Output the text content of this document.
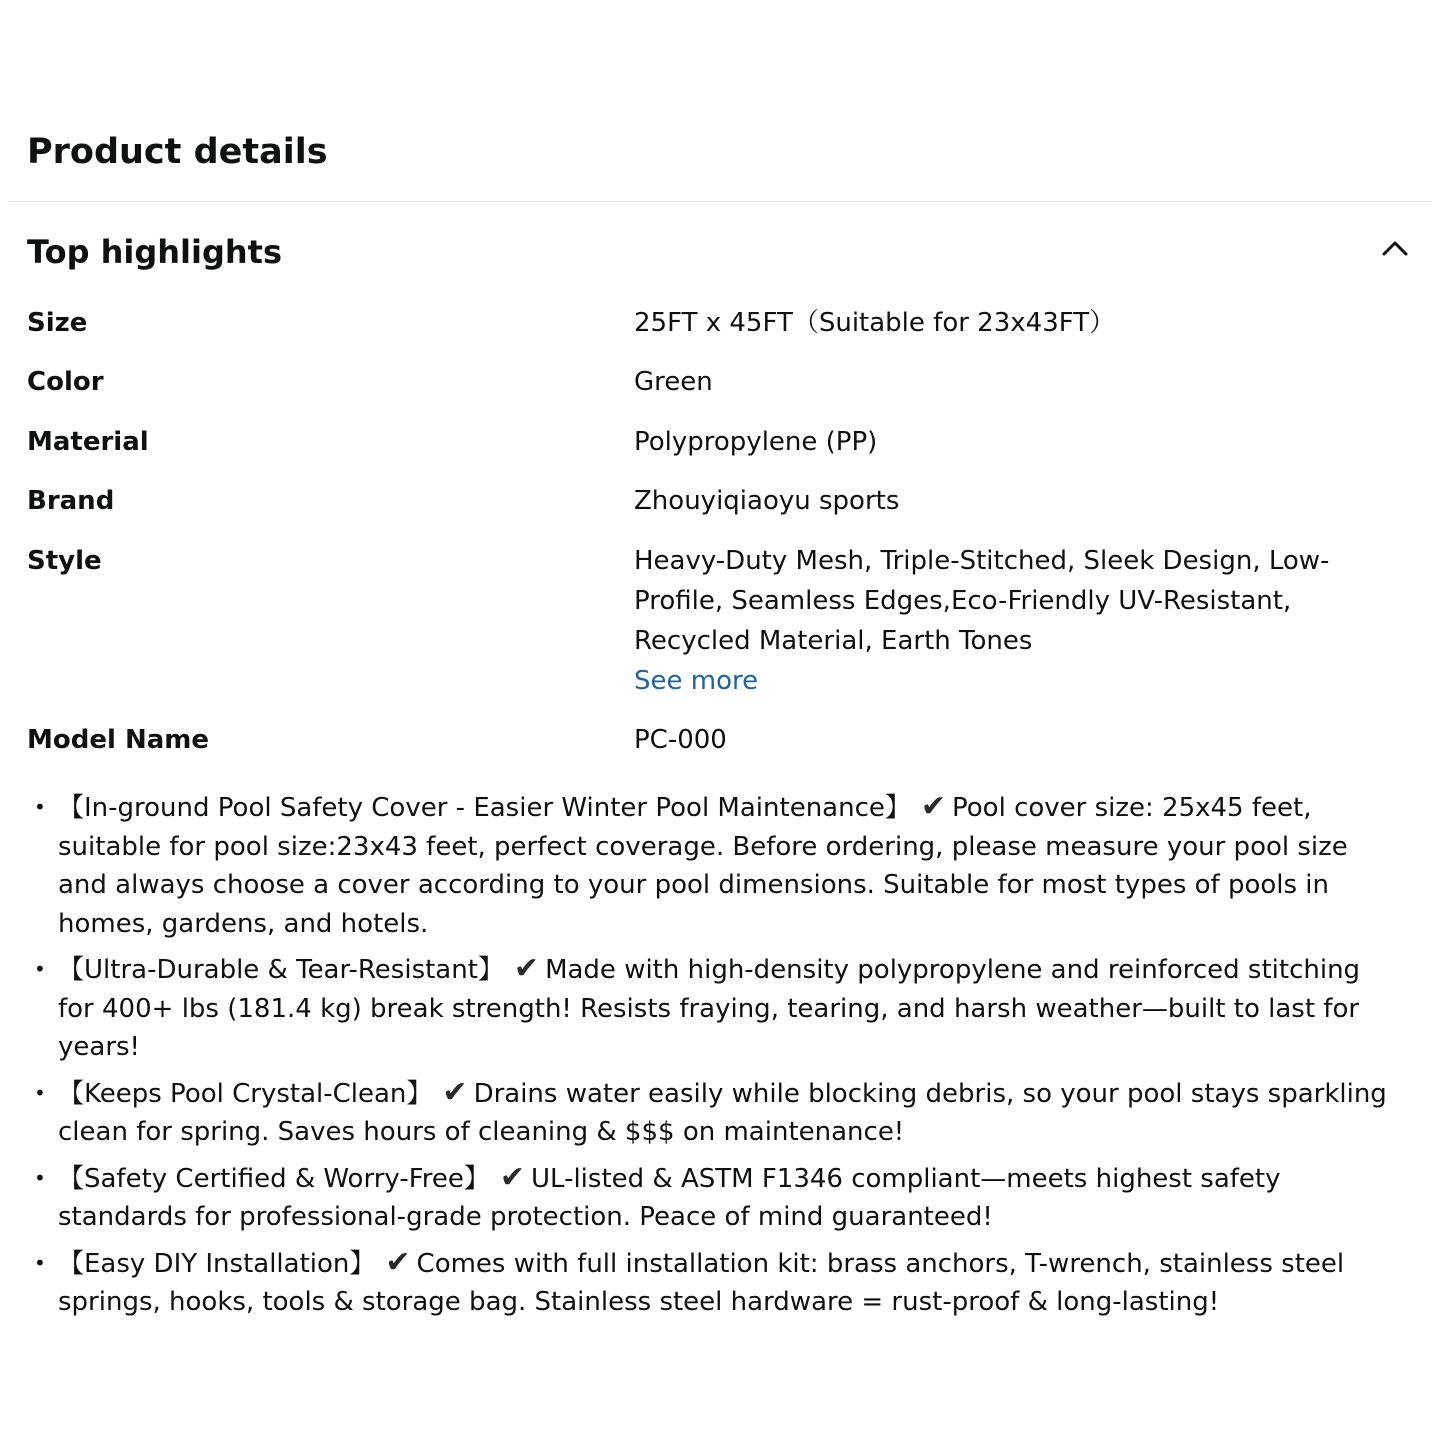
Product details
Top highlights
Size	25FT x 45FT（Suitable for 23x43FT）
Color	Green
Material	Polypropylene (PP)
Brand	Zhouyiqiaoyu sports
Style	Heavy-Duty Mesh, Triple-Stitched, Sleek Design, Low-Profile, Seamless Edges,Eco-Friendly UV-Resistant, Recycled Material, Earth Tones
See more
Model Name	PC-000
• 【In-ground Pool Safety Cover - Easier Winter Pool Maintenance】 ✔ Pool cover size: 25x45 feet, suitable for pool size:23x43 feet, perfect coverage. Before ordering, please measure your pool size and always choose a cover according to your pool dimensions. Suitable for most types of pools in homes, gardens, and hotels.
• 【Ultra-Durable & Tear-Resistant】 ✔ Made with high-density polypropylene and reinforced stitching for 400+ lbs (181.4 kg) break strength! Resists fraying, tearing, and harsh weather—built to last for years!
• 【Keeps Pool Crystal-Clean】 ✔ Drains water easily while blocking debris, so your pool stays sparkling clean for spring. Saves hours of cleaning & $$$ on maintenance!
• 【Safety Certified & Worry-Free】 ✔ UL-listed & ASTM F1346 compliant—meets highest safety standards for professional-grade protection. Peace of mind guaranteed!
• 【Easy DIY Installation】 ✔ Comes with full installation kit: brass anchors, T-wrench, stainless steel springs, hooks, tools & storage bag. Stainless steel hardware = rust-proof & long-lasting!
